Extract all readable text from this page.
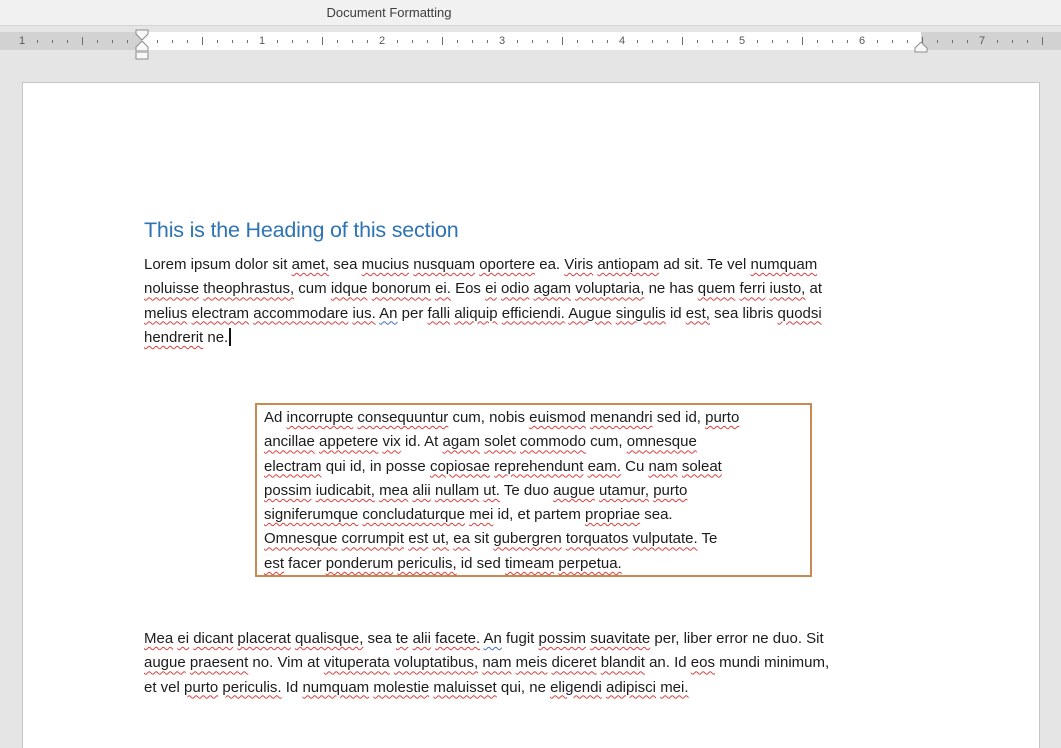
Document Formatting
1	1	2	3	4	5	6	7
This is the Heading of this section
Lorem ipsum dolor sit amet, sea mucius nusquam oportere ea. Viris antiopam ad sit. Te vel numquam
noluisse theophrastus, cum idque bonorum ei. Eos ei odio agam voluptaria, ne has quem ferri iusto, at
melius electram accommodare ius. An per falli aliquip efficiendi. Augue singulis id est, sea libris quodsi
hendrerit ne.
Ad incorrupte consequuntur cum, nobis euismod menandri sed id, purto
ancillae appetere vix id. At agam solet commodo cum, omnesque
electram qui id, in posse copiosae reprehendunt eam. Cu nam soleat
possim iudicabit, mea alii nullam ut. Te duo augue utamur, purto
signiferumque concludaturque mei id, et partem propriae sea.
Omnesque corrumpit est ut, ea sit gubergren torquatos vulputate. Te
est facer ponderum periculis, id sed timeam perpetua.
Mea ei dicant placerat qualisque, sea te alii facete. An fugit possim suavitate per, liber error ne duo. Sit
augue praesent no. Vim at vituperata voluptatibus, nam meis diceret blandit an. Id eos mundi minimum,
et vel purto periculis. Id numquam molestie maluisset qui, ne eligendi adipisci mei.
